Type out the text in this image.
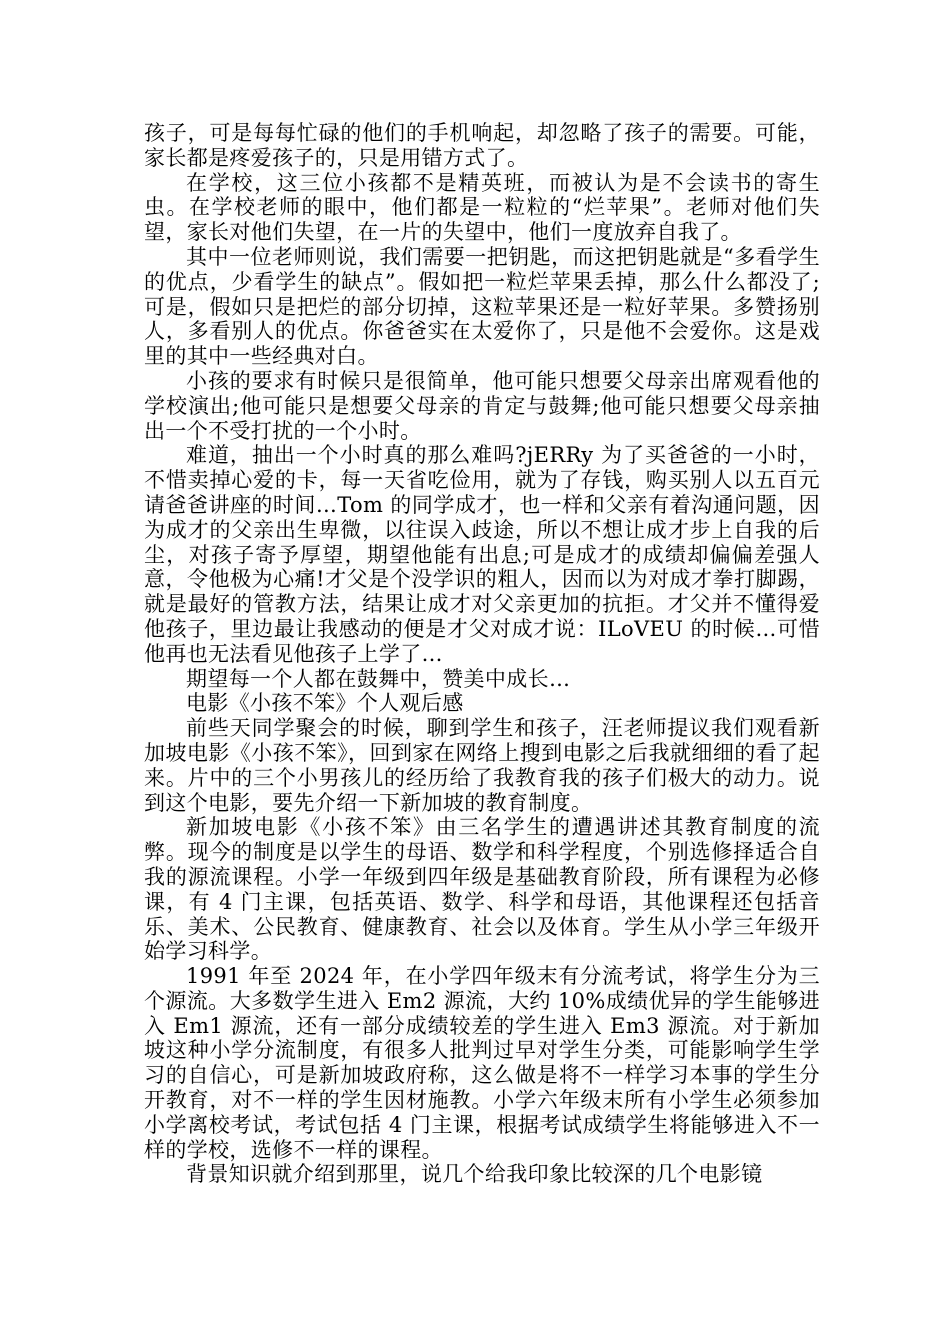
孩子，可是每每忙碌的他们的手机响起，却忽略了孩子的需要。可能，家长都是疼爱孩子的，只是用错方式了。

在学校，这三位小孩都不是精英班，而被认为是不会读书的寄生虫。在学校老师的眼中，他们都是一粒粒的“烂苹果”。老师对他们失望，家长对他们失望，在一片的失望中，他们一度放弃自我了。

其中一位老师则说，我们需要一把钥匙，而这把钥匙就是“多看学生的优点，少看学生的缺点”。假如把一粒烂苹果丢掉，那么什么都没了;可是，假如只是把烂的部分切掉，这粒苹果还是一粒好苹果。多赞扬别人，多看别人的优点。你爸爸实在太爱你了，只是他不会爱你。这是戏里的其中一些经典对白。

小孩的要求有时候只是很简单，他可能只想要父母亲出席观看他的学校演出;他可能只是想要父母亲的肯定与鼓舞;他可能只想要父母亲抽出一个不受打扰的一个小时。

难道，抽出一个小时真的那么难吗?jERRy 为了买爸爸的一小时，不惜卖掉心爱的卡，每一天省吃俭用，就为了存钱，购买别人以五百元请爸爸讲座的时间…Tom 的同学成才，也一样和父亲有着沟通问题，因为成才的父亲出生卑微，以往误入歧途，所以不想让成才步上自我的后尘，对孩子寄予厚望，期望他能有出息;可是成才的成绩却偏偏差强人意，令他极为心痛!才父是个没学识的粗人，因而以为对成才拳打脚踢，就是最好的管教方法，结果让成才对父亲更加的抗拒。才父并不懂得爱他孩子，里边最让我感动的便是才父对成才说：ILoVEU 的时候…可惜他再也无法看见他孩子上学了…

期望每一个人都在鼓舞中，赞美中成长…

电影《小孩不笨》个人观后感

前些天同学聚会的时候，聊到学生和孩子，汪老师提议我们观看新加坡电影《小孩不笨》，回到家在网络上搜到电影之后我就细细的看了起来。片中的三个小男孩儿的经历给了我教育我的孩子们极大的动力。说到这个电影，要先介绍一下新加坡的教育制度。

新加坡电影《小孩不笨》由三名学生的遭遇讲述其教育制度的流弊。现今的制度是以学生的母语、数学和科学程度，个别选修择适合自我的源流课程。小学一年级到四年级是基础教育阶段，所有课程为必修课，有 4 门主课，包括英语、数学、科学和母语，其他课程还包括音乐、美术、公民教育、健康教育、社会以及体育。学生从小学三年级开始学习科学。

1991 年至 2024 年，在小学四年级末有分流考试，将学生分为三个源流。大多数学生进入 Em2 源流，大约 10%成绩优异的学生能够进入 Em1 源流，还有一部分成绩较差的学生进入 Em3 源流。对于新加坡这种小学分流制度，有很多人批判过早对学生分类，可能影响学生学习的自信心，可是新加坡政府称，这么做是将不一样学习本事的学生分开教育，对不一样的学生因材施教。小学六年级末所有小学生必须参加小学离校考试，考试包括 4 门主课，根据考试成绩学生将能够进入不一样的学校，选修不一样的课程。

背景知识就介绍到那里，说几个给我印象比较深的几个电影镜
